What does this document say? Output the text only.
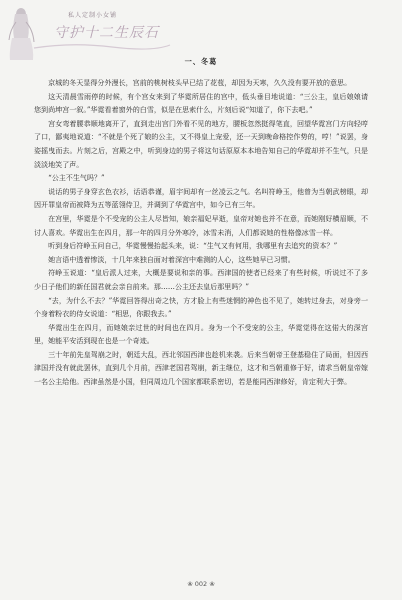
私人定制小女铺
守护十二生辰石
一、冬葛

京城的冬天显得分外漫长，宫前的桃树枝头早已结了花苞，却因为天寒，久久没有要开放的意思。

这天清晨雪雨停的时候，有个宫女来到了华霓所居住的宫中，低头垂目地说道：“三公主，皇后娘娘请您到尚坤宫一叙。”华霓看着窗外的白雪，似是在思索什么，片刻后说“知道了，你下去吧。”

宫女弯着腰恭顺地离开了，直到走出宫门外看不见的地方，腰板忽然挺得笔直，回望华霓宫门方向轻哼了口，鄙夷地说道：“不就是个死了娘的公主，又不得皇上宠爱，还一天到晚命格控作势的，哼！”说罢，身姿摇曳而去。片刻之后，宫殿之中，听到身边的男子将这句话原原本本地告知自己的华霓却并不生气，只是淡淡地笑了声。

“公主不生气吗？”

说话的男子身穿玄色衣衫，话语恭谨，眉宇间却有一丝凌云之气。名叫符峥玉，他曾为当朝武榜眼，却因开罪皇帝而被降为五等蓝翎侍卫，并调到了华霓宫中，如今已有三年。

在宫里，华霓是个不受宠的公主人尽皆知，娘亲福妃早逝，皇帝对她也并不在意，而她刚好横眉顺，不讨人喜欢。华霓出生在四月，那一年的四月分外寒冷，冰雪未消，人们都说她的性格像冰雪一样。

听到身后符峥玉问自己，华霓慢慢抬起头来，说：“生气又有何用，我哪里有去追究的资本？”

她言语中透着惨淡，十几年来独自面对着深宫中难测的人心，这些她早已习惯。

符峥玉说道：“皇后派人过来，大概是要说和亲的事。西津国的使者已经来了有些时候，听说过不了多少日子他们的新任国君就会亲自前来。那……公主还去皇后那里吗？”

“去，为什么不去？”华霓回答得出奇之快，方才脸上有些迷惘的神色也不见了，她转过身去，对身旁一个身着粉衣的侍女说道：“相思，你跟我去。”

华霓出生在四月，而她娘亲过世的时间也在四月。身为一个不受宠的公主，华霓觉得在这偌大的深宫里，她能平安活到现在也是一个奇迹。

三十年前先皇驾崩之时，朝廷大乱，西北邻国西津也趁机来袭。后来当朝帝王登基稳住了局面，但因西津国并没有就此罢休，直到几个月前，西津老国君驾崩，新主继位，这才和当朝重修于好，请求当朝皇帝嫁一名公主给他。西津虽然是小国，但同周边几个国家都联系密切，若是能同西津修好，肯定利大于弊。

❀ 002 ❀
